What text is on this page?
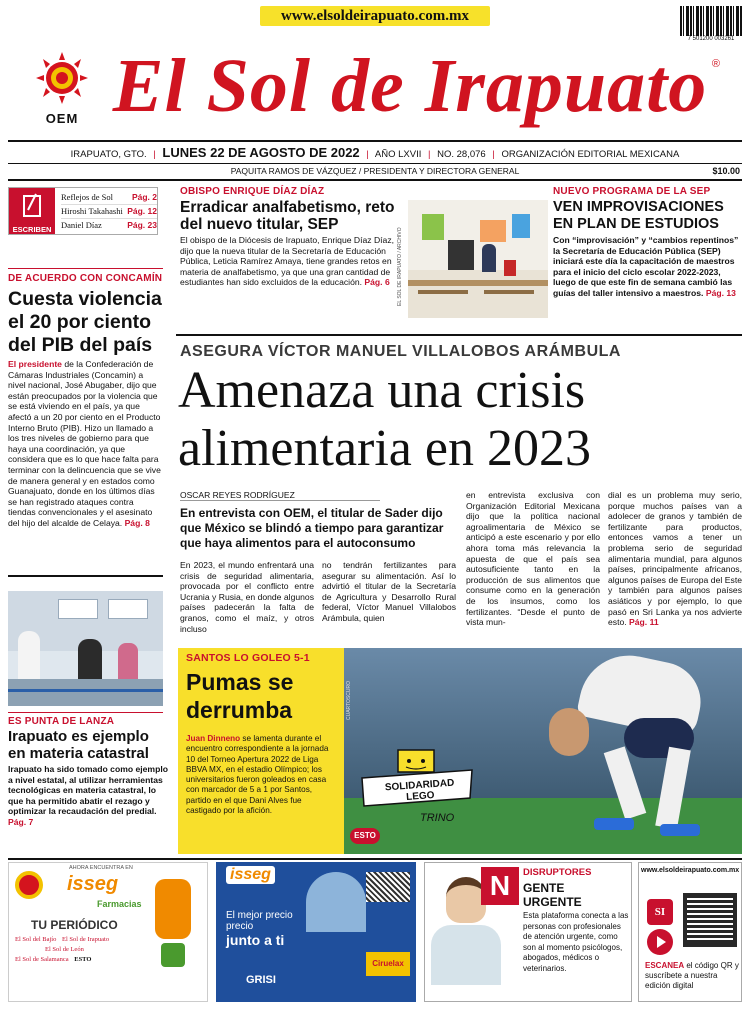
www.elsoldeirapuato.com.mx
7 501200 003261
OEM El Sol de Irapuato ®
IRAPUATO, GTO. | LUNES 22 DE AGOSTO DE 2022 | AÑO LXVII | NO. 28,076 | ORGANIZACIÓN EDITORIAL MEXICANA
PAQUITA RAMOS DE VÁZQUEZ / PRESIDENTA Y DIRECTORA GENERAL	$10.00
ESCRIBEN
Reflejos de Sol Pág. 2
Hiroshi Takahashi Pág. 12
Daniel Díaz	Pág. 23
OBISPO ENRIQUE DÍAZ DÍAZ
Erradicar analfabetismo, reto del nuevo titular, SEP
El obispo de la Diócesis de Irapuato, Enrique Díaz Díaz, dijo que la nueva titular de la Secretaría de Educación Pública, Leticia Ramírez Amaya, tiene grandes retos en materia de analfabetismo, ya que una gran cantidad de estudiantes han sido excluidos de la educación. Pág. 6	EL SOL DE IRAPUATO / ARCHIVO
NUEVO PROGRAMA DE LA SEP
VEN IMPROVISACIONES EN PLAN DE ESTUDIOS
Con “improvisación” y “cambios repentinos” la Secretaría de Educación Pública (SEP) iniciará este día la capacitación de maestros para el inicio del ciclo escolar 2022-2023, luego de que este fin de semana cambió las guías del taller intensivo a maestros. Pág. 13
DE ACUERDO CON CONCAMÍN
Cuesta violencia el 20 por ciento del PIB del país
El presidente de la Confederación de Cámaras Industriales (Concamin) a nivel nacional, José Abugaber, dijo que están preocupados por la violencia que se está viviendo en el país, ya que afectó a un 20 por ciento en el Producto Interno Bruto (PIB). Hizo un llamado a los tres niveles de gobierno para que haya una coordinación, ya que considera que es lo que hace falta para terminar con la delincuencia que se vive de manera general y en estados como Guanajuato, donde en los últimos días se han registrado ataques contra tiendas convencionales y el asesinato del hijo del alcalde de Celaya. Pág. 8
ES PUNTA DE LANZA
Irapuato es ejemplo en materia catastral
Irapuato ha sido tomado como ejemplo a nivel estatal, al utilizar herramientas tecnológicas en materia catastral, lo que ha permitido abatir el rezago y optimizar la recaudación del predial. Pág. 7
ASEGURA VÍCTOR MANUEL VILLALOBOS ARÁMBULA
Amenaza una crisis alimentaria en 2023
OSCAR REYES RODRÍGUEZ
En entrevista con OEM, el titular de Sader dijo que México se blindó a tiempo para garantizar que haya alimentos para el autoconsumo
En 2023, el mundo enfrentará una crisis de seguridad alimentaria, provocada por el conflicto entre Ucrania y Rusia, en donde algunos países padecerán la falta de granos, como el maíz, y otros incluso
no tendrán fertilizantes para asegurar su alimentación. Así lo advirtió el titular de la Secretaría de Agricultura y Desarrollo Rural federal, Víctor Manuel Villalobos Arámbula, quien
en entrevista exclusiva con Organización Editorial Mexicana dijo que la política nacional agroalimentaria de México se anticipó a este escenario y por ello ahora toma más relevancia la apuesta de que el país sea autosuficiente tanto en la producción de sus alimentos que consume como en la generación de los insumos, como los fertilizantes. “Desde el punto de vista mun-
dial es un problema muy serio, porque muchos países van a adolecer de granos y también de fertilizante para productos, entonces vamos a tener un problema serio de seguridad alimentaria mundial, para algunos países, principalmente africanos, algunos países de Europa del Este y también para algunos países asiáticos y por ejemplo, lo que pasó en Sri Lanka ya nos advierte esto. Pág. 11
SANTOS LO GOLEO 5-1
Pumas se derrumba
Juan Dinneno se lamenta durante el encuentro correspondiente a la jornada 10 del Torneo Apertura 2022 de Liga BBVA MX, en el estadio Olímpico; los universitarios fueron goleados en casa con marcador de 5 a 1 por Santos, partido en el que Dani Alves fue castigado por la afición.
CUARTOSCURO
SOLIDARIDAD LEGO
TRINO
ESTO
AHORA ENCUENTRA EN
isseg
Farmacias
TU PERIÓDICO
El Sol del Bajío El Sol de Irapuato
El Sol de León
El Sol de Salamanca ESTO
isseg
El mejor precio
precio
junto a ti
Ciruelax
GRISI
N	DISRUPTORES
GENTE URGENTE
Esta plataforma conecta a las personas con profesionales de atención urgente, como son al momento psicólogos, abogados, médicos o veterinarios.
www.elsoldeirapuato.com.mx
SI
ESCANEA el código QR y suscríbete a nuestra edición digital
